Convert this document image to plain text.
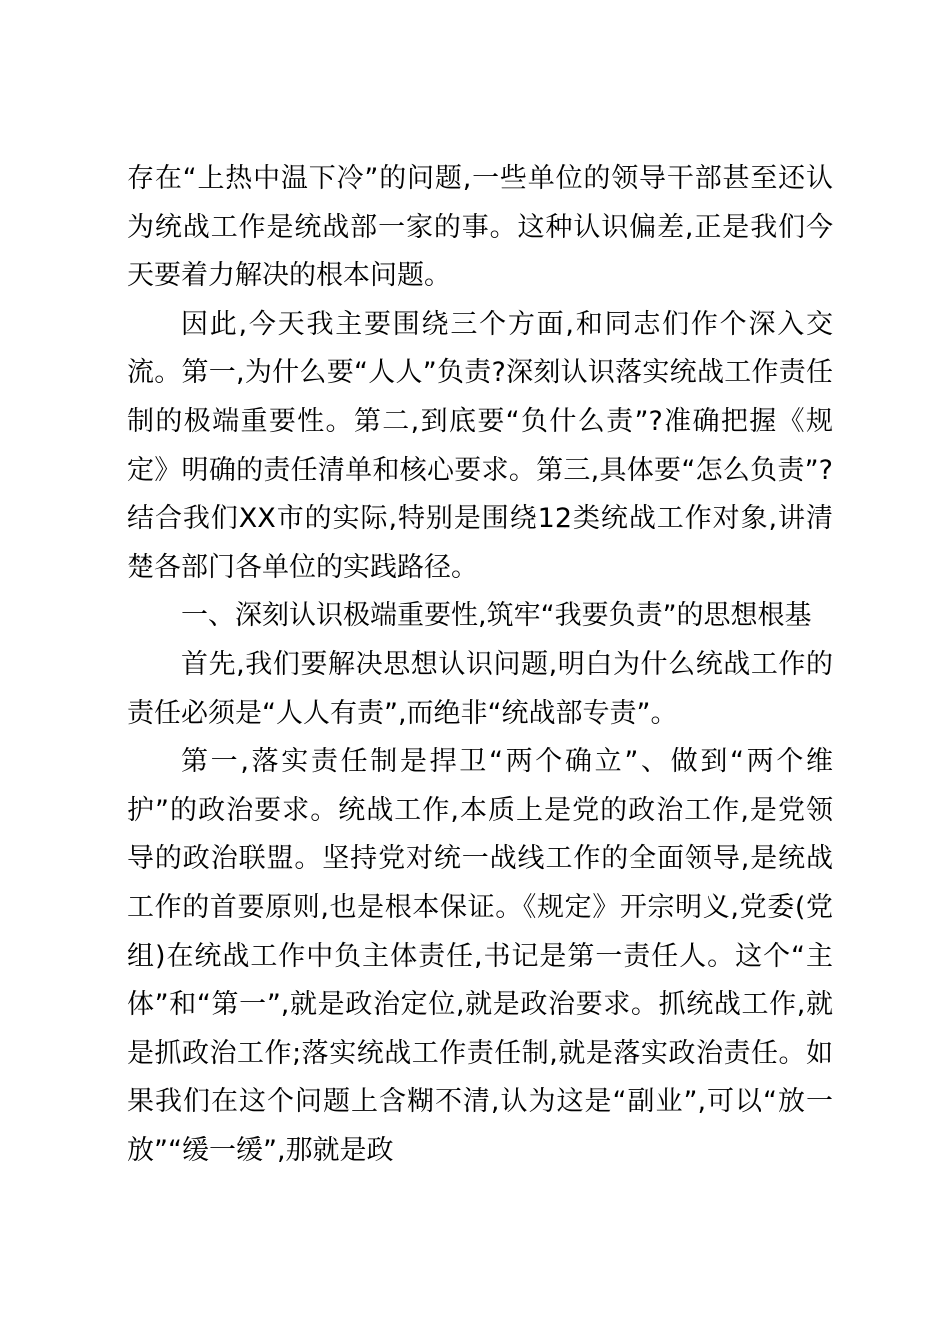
存在“上热中温下冷”的问题,一些单位的领导干部甚至还认为统战工作是统战部一家的事。这种认识偏差,正是我们今天要着力解决的根本问题。

因此,今天我主要围绕三个方面,和同志们作个深入交流。第一,为什么要“人人”负责?深刻认识落实统战工作责任制的极端重要性。第二,到底要“负什么责”?准确把握《规定》明确的责任清单和核心要求。第三,具体要“怎么负责”?结合我们XX市的实际,特别是围绕12类统战工作对象,讲清楚各部门各单位的实践路径。

一、深刻认识极端重要性,筑牢“我要负责”的思想根基

首先,我们要解决思想认识问题,明白为什么统战工作的责任必须是“人人有责”,而绝非“统战部专责”。

第一,落实责任制是捍卫“两个确立”、做到“两个维护”的政治要求。统战工作,本质上是党的政治工作,是党领导的政治联盟。坚持党对统一战线工作的全面领导,是统战工作的首要原则,也是根本保证。《规定》开宗明义,党委(党组)在统战工作中负主体责任,书记是第一责任人。这个“主体”和“第一”,就是政治定位,就是政治要求。抓统战工作,就是抓政治工作;落实统战工作责任制,就是落实政治责任。如果我们在这个问题上含糊不清,认为这是“副业”,可以“放一放”“缓一缓”,那就是政
